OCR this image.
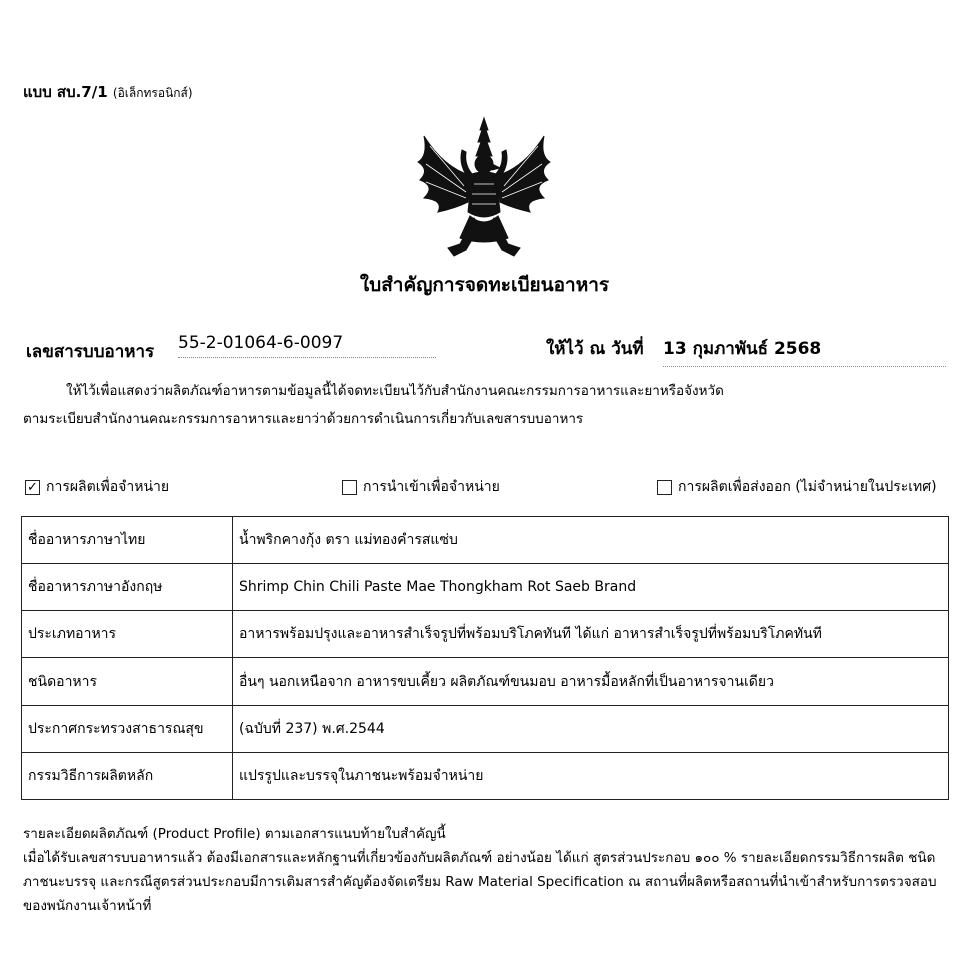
แบบ สบ.7/1 (อิเล็กทรอนิกส์)
ใบสำคัญการจดทะเบียนอาหาร
เลขสารบบอาหาร 55-2-01064-6-0097	ให้ไว้ ณ วันที่ 13 กุมภาพันธ์ 2568
ให้ไว้เพื่อแสดงว่าผลิตภัณฑ์อาหารตามข้อมูลนี้ได้จดทะเบียนไว้กับสำนักงานคณะกรรมการอาหารและยาหรือจังหวัด
ตามระเบียบสำนักงานคณะกรรมการอาหารและยาว่าด้วยการดำเนินการเกี่ยวกับเลขสารบบอาหาร
✓ การผลิตเพื่อจำหน่าย	การนำเข้าเพื่อจำหน่าย	การผลิตเพื่อส่งออก (ไม่จำหน่ายในประเทศ)
ชื่ออาหารภาษาไทย	น้ำพริกคางกุ้ง ตรา แม่ทองคำรสแซ่บ
ชื่ออาหารภาษาอังกฤษ	Shrimp Chin Chili Paste Mae Thongkham Rot Saeb Brand
ประเภทอาหาร	อาหารพร้อมปรุงและอาหารสำเร็จรูปที่พร้อมบริโภคทันที ได้แก่ อาหารสำเร็จรูปที่พร้อมบริโภคทันที
ชนิดอาหาร	อื่นๆ นอกเหนือจาก อาหารขบเคี้ยว ผลิตภัณฑ์ขนมอบ อาหารมื้อหลักที่เป็นอาหารจานเดียว
ประกาศกระทรวงสาธารณสุข	(ฉบับที่ 237) พ.ศ.2544
กรรมวิธีการผลิตหลัก	แปรรูปและบรรจุในภาชนะพร้อมจำหน่าย

รายละเอียดผลิตภัณฑ์ (Product Profile) ตามเอกสารแนบท้ายใบสำคัญนี้

เมื่อได้รับเลขสารบบอาหารแล้ว ต้องมีเอกสารและหลักฐานที่เกี่ยวข้องกับผลิตภัณฑ์ อย่างน้อย ได้แก่ สูตรส่วนประกอบ ๑๐๐ % รายละเอียดกรรมวิธีการผลิต ชนิดภาชนะบรรจุ และกรณีสูตรส่วนประกอบมีการเติมสารสำคัญต้องจัดเตรียม Raw Material Specification ณ สถานที่ผลิตหรือสถานที่นำเข้าสำหรับการตรวจสอบของพนักงานเจ้าหน้าที่
